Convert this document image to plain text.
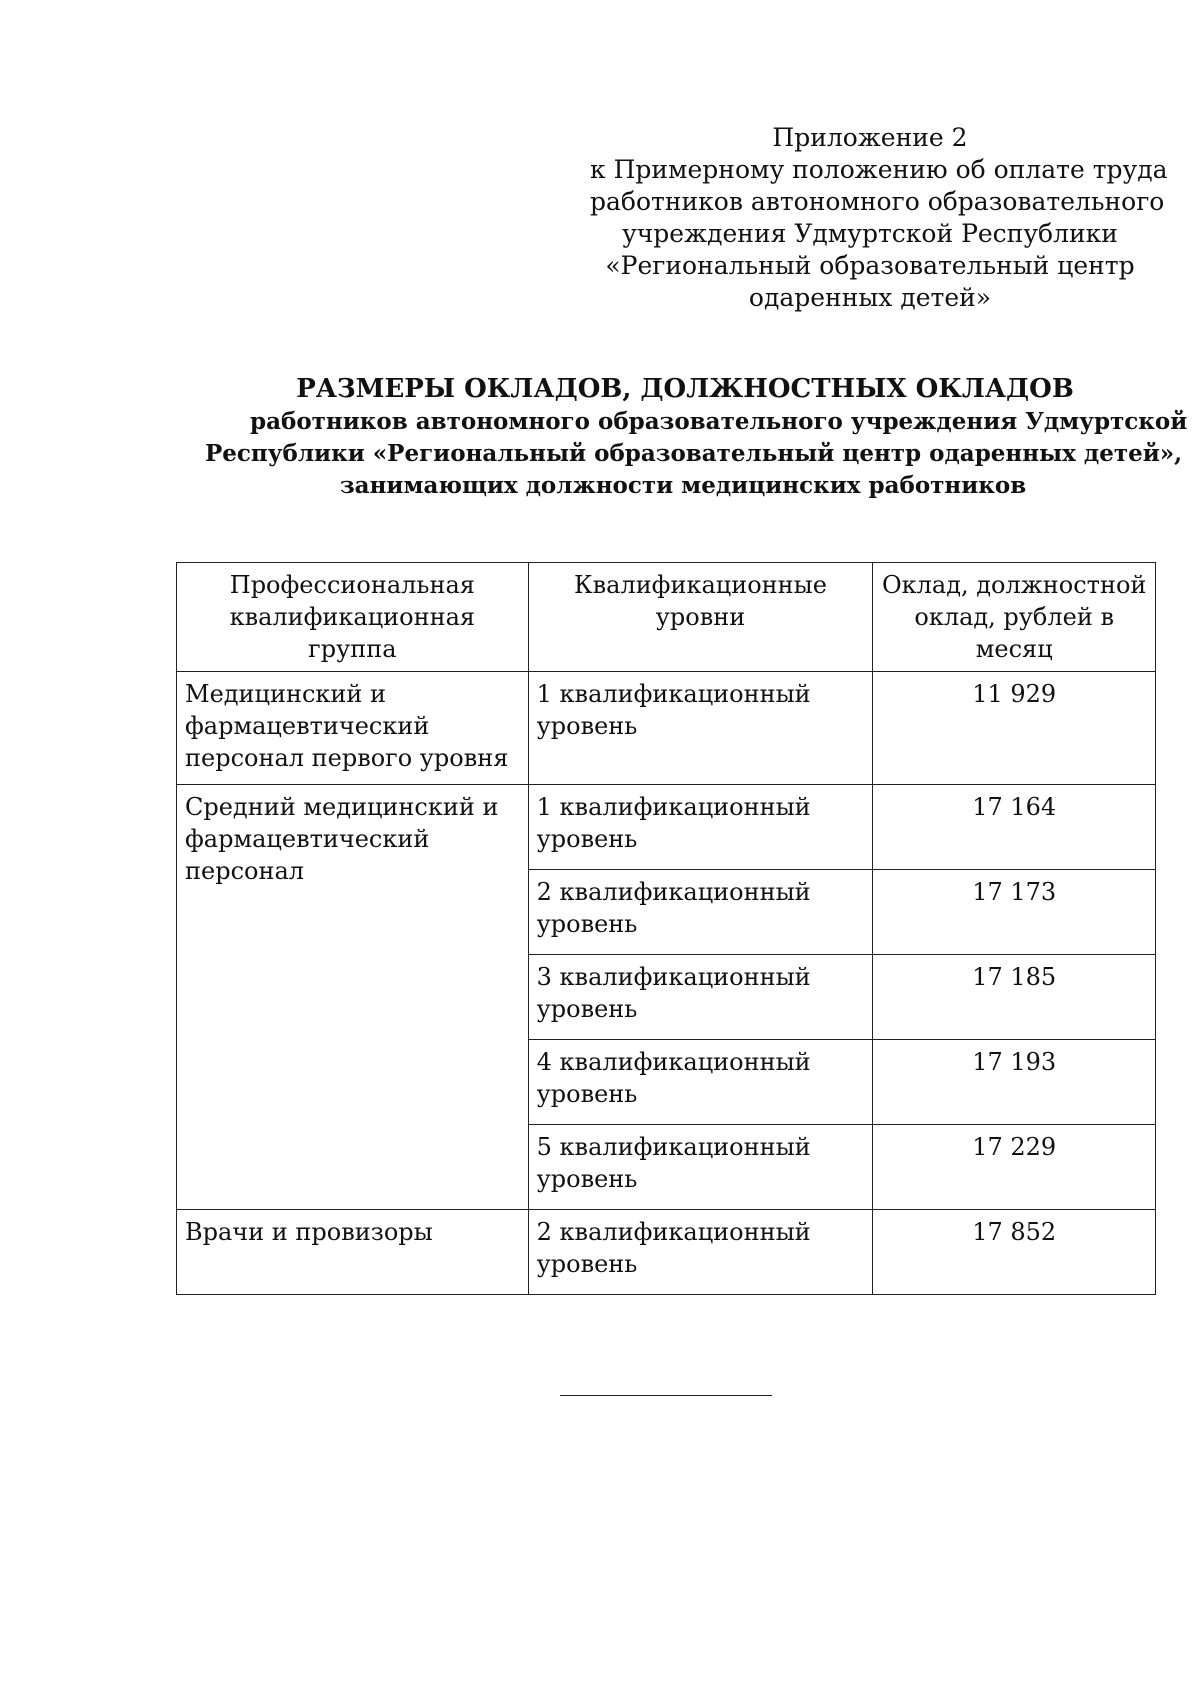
Приложение 2
к Примерному положению об оплате труда
работников автономного образовательного
учреждения Удмуртской Республики
«Региональный образовательный центр
одаренных детей»
РАЗМЕРЫ ОКЛАДОВ, ДОЛЖНОСТНЫХ ОКЛАДОВ
работников автономного образовательного учреждения Удмуртской
Республики «Региональный образовательный центр одаренных детей»,
занимающих должности медицинских работников
Профессиональная квалификационная группа	Квалификационные уровни	Оклад, должностной оклад, рублей в месяц
Медицинский и фармацевтический персонал первого уровня	1 квалификационный уровень	11 929
Средний медицинский и фармацевтический персонал	1 квалификационный уровень	17 164
	2 квалификационный уровень	17 173
	3 квалификационный уровень	17 185
	4 квалификационный уровень	17 193
	5 квалификационный уровень	17 229
Врачи и провизоры	2 квалификационный уровень	17 852
